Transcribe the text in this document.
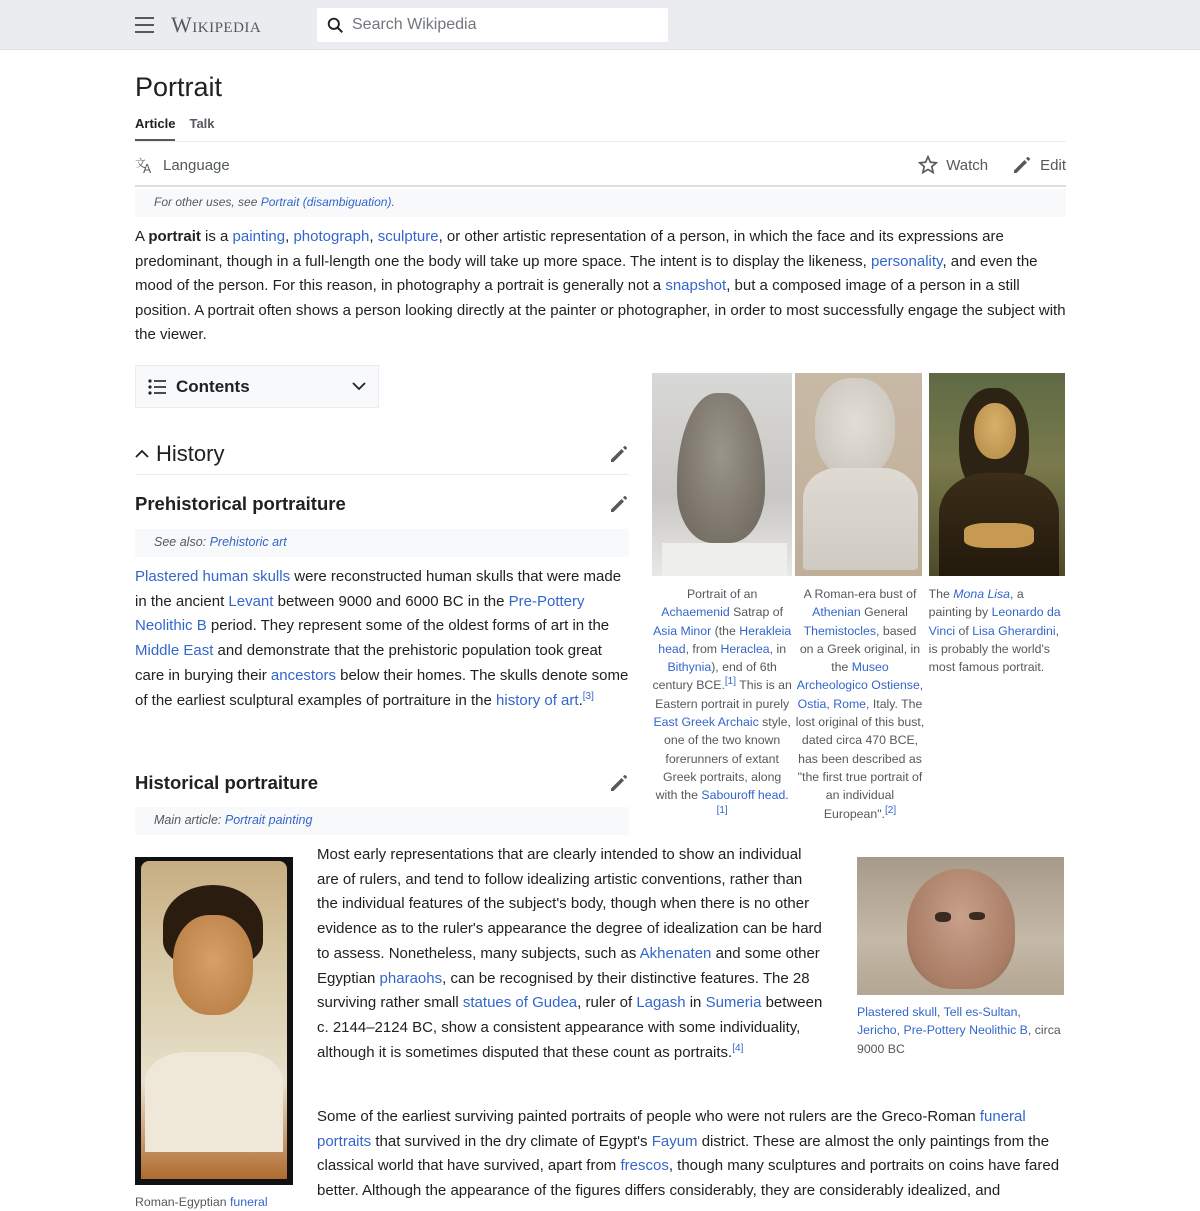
Wikipedia
Search Wikipedia
Portrait
Article Talk
文
A Language	Watch	Edit
For other uses, see Portrait (disambiguation).

A portrait is a painting, photograph, sculpture, or other artistic representation of a person, in which the face and its expressions are predominant, though in a full-length one the body will take up more space. The intent is to display the likeness, personality, and even the mood of the person. For this reason, in photography a portrait is generally not a snapshot, but a composed image of a person in a still position. A portrait often shows a person looking directly at the painter or photographer, in order to most successfully engage the subject with the viewer.

Contents
History
Prehistorical portraiture
See also: Prehistoric art

Plastered human skulls were reconstructed human skulls that were made in the ancient Levant between 9000 and 6000 BC in the Pre-Pottery Neolithic B period. They represent some of the oldest forms of art in the Middle East and demonstrate that the prehistoric population took great care in burying their ancestors below their homes. The skulls denote some of the earliest sculptural examples of portraiture in the history of art.[3]

Historical portraiture
Main article: Portrait painting
Portrait of an Achaemenid Satrap of Asia Minor (the Herakleia head, from Heraclea, in Bithynia), end of 6th century BCE.[1] This is an Eastern portrait in purely East Greek Archaic style, one of the two known forerunners of extant Greek portraits, along with the Sabouroff head.[1]
A Roman-era bust of Athenian General Themistocles, based on a Greek original, in the Museo Archeologico Ostiense, Ostia, Rome, Italy. The lost original of this bust, dated circa 470 BCE, has been described as "the first true portrait of an individual European".[2]
The Mona Lisa, a painting by Leonardo da Vinci of Lisa Gherardini, is probably the world's most famous portrait.
Roman-Egyptian funeral

Most early representations that are clearly intended to show an individual are of rulers, and tend to follow idealizing artistic conventions, rather than the individual features of the subject's body, though when there is no other evidence as to the ruler's appearance the degree of idealization can be hard to assess. Nonetheless, many subjects, such as Akhenaten and some other Egyptian pharaohs, can be recognised by their distinctive features. The 28 surviving rather small statues of Gudea, ruler of Lagash in Sumeria between c. 2144–2124 BC, show a consistent appearance with some individuality, although it is sometimes disputed that these count as portraits.[4]

Plastered skull, Tell es-Sultan, Jericho, Pre-Pottery Neolithic B, circa 9000 BC

Some of the earliest surviving painted portraits of people who were not rulers are the Greco-Roman funeral portraits that survived in the dry climate of Egypt's Fayum district. These are almost the only paintings from the classical world that have survived, apart from frescos, though many sculptures and portraits on coins have fared better. Although the appearance of the figures differs considerably, they are considerably idealized, and
